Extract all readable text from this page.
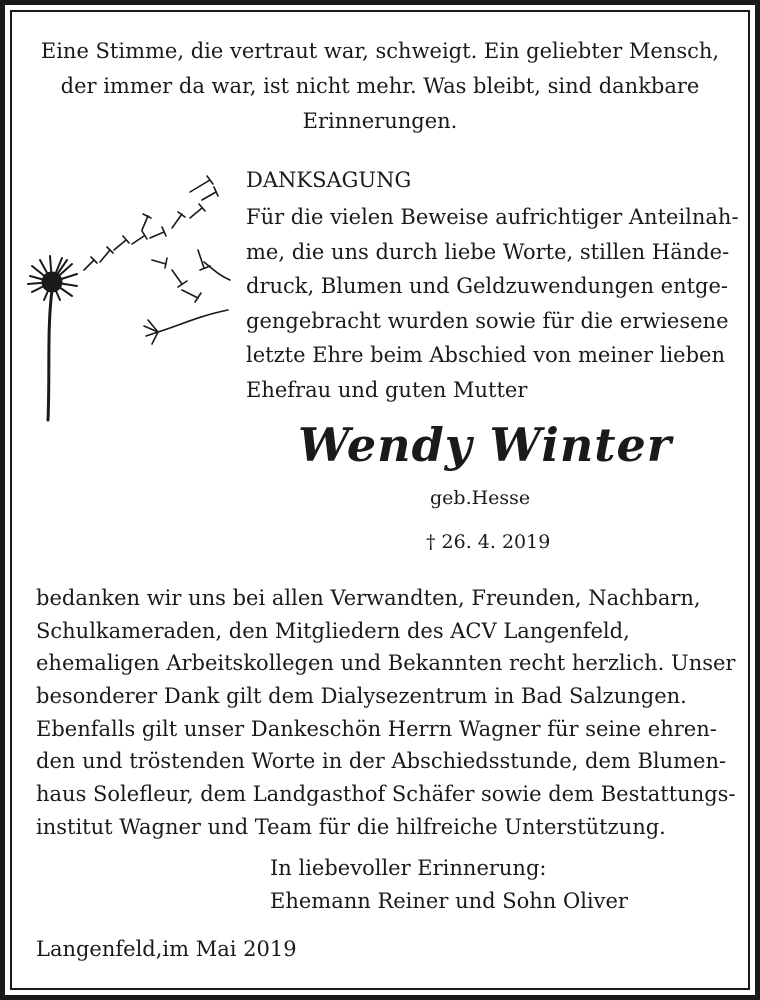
Eine Stimme, die vertraut war, schweigt. Ein geliebter Mensch,
der immer da war, ist nicht mehr. Was bleibt, sind dankbare
Erinnerungen.
DANKSAGUNG
Für die vielen Beweise aufrichtiger Anteilnah-
me, die uns durch liebe Worte, stillen Hände-
druck, Blumen und Geldzuwendungen entge-
gengebracht wurden sowie für die erwiesene
letzte Ehre beim Abschied von meiner lieben
Ehefrau und guten Mutter
Wendy Winter
geb.Hesse
† 26. 4. 2019
bedanken wir uns bei allen Verwandten, Freunden, Nachbarn,
Schulkameraden, den Mitgliedern des ACV Langenfeld,
ehemaligen Arbeitskollegen und Bekannten recht herzlich. Unser
besonderer Dank gilt dem Dialysezentrum in Bad Salzungen.
Ebenfalls gilt unser Dankeschön Herrn Wagner für seine ehren-
den und tröstenden Worte in der Abschiedsstunde, dem Blumen-
haus Solefleur, dem Landgasthof Schäfer sowie dem Bestattungs-
institut Wagner und Team für die hilfreiche Unterstützung.
In liebevoller Erinnerung:
Ehemann Reiner und Sohn Oliver
Langenfeld,im Mai 2019
